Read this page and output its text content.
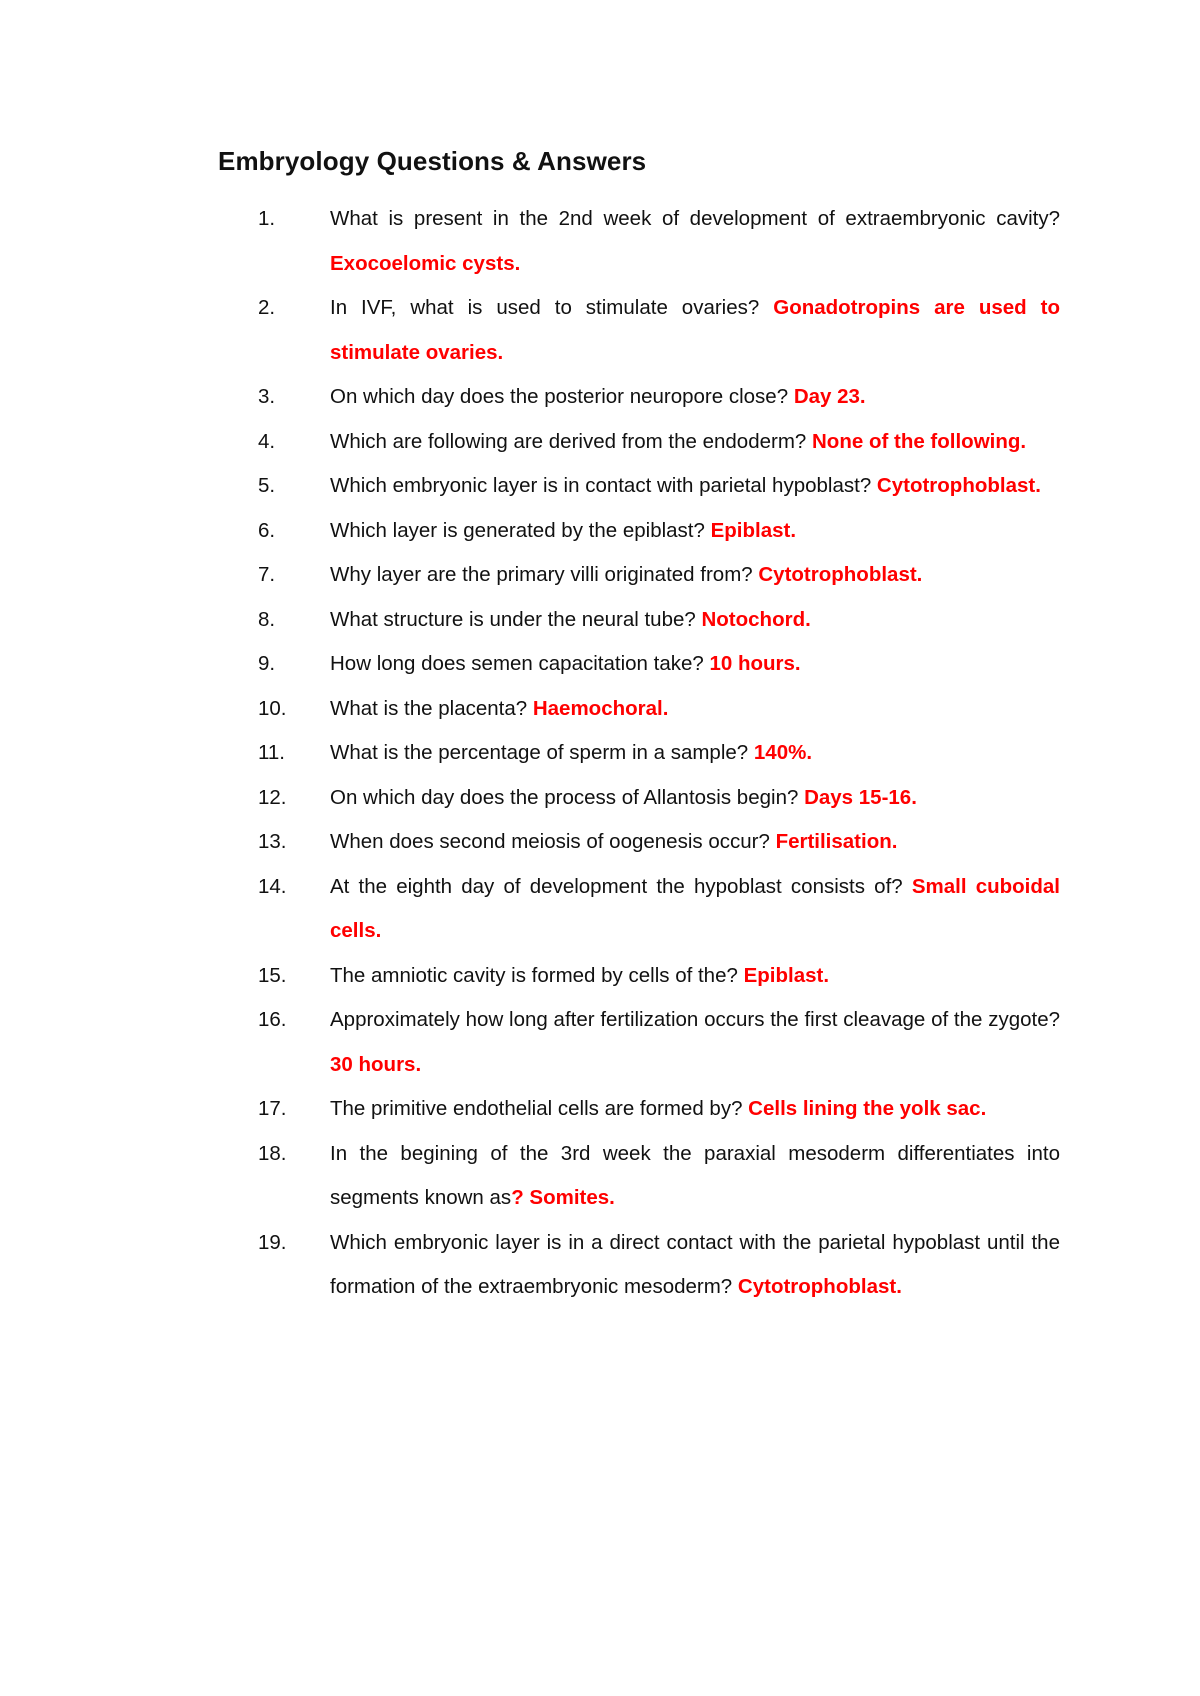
Embryology Questions & Answers
1.	What is present in the 2nd week of development of extraembryonic cavity? Exocoelomic cysts.
2.	In IVF, what is used to stimulate ovaries? Gonadotropins are used to stimulate ovaries.
3.	On which day does the posterior neuropore close? Day 23.
4.	Which are following are derived from the endoderm? None of the following.
5.	Which embryonic layer is in contact with parietal hypoblast? Cytotrophoblast.
6.	Which layer is generated by the epiblast? Epiblast.
7.	Why layer are the primary villi originated from? Cytotrophoblast.
8.	What structure is under the neural tube? Notochord.
9.	How long does semen capacitation take? 10 hours.
10.	What is the placenta? Haemochoral.
11.	What is the percentage of sperm in a sample? 140%.
12.	On which day does the process of Allantosis begin? Days 15-16.
13.	When does second meiosis of oogenesis occur? Fertilisation.
14.	At the eighth day of development the hypoblast consists of? Small cuboidal cells.
15.	The amniotic cavity is formed by cells of the? Epiblast.
16.	Approximately how long after fertilization occurs the first cleavage of the zygote? 30 hours.
17.	The primitive endothelial cells are formed by? Cells lining the yolk sac.
18.	In the begining of the 3rd week the paraxial mesoderm differentiates into segments known as? Somites.
19.	Which embryonic layer is in a direct contact with the parietal hypoblast until the formation of the extraembryonic mesoderm? Cytotrophoblast.
